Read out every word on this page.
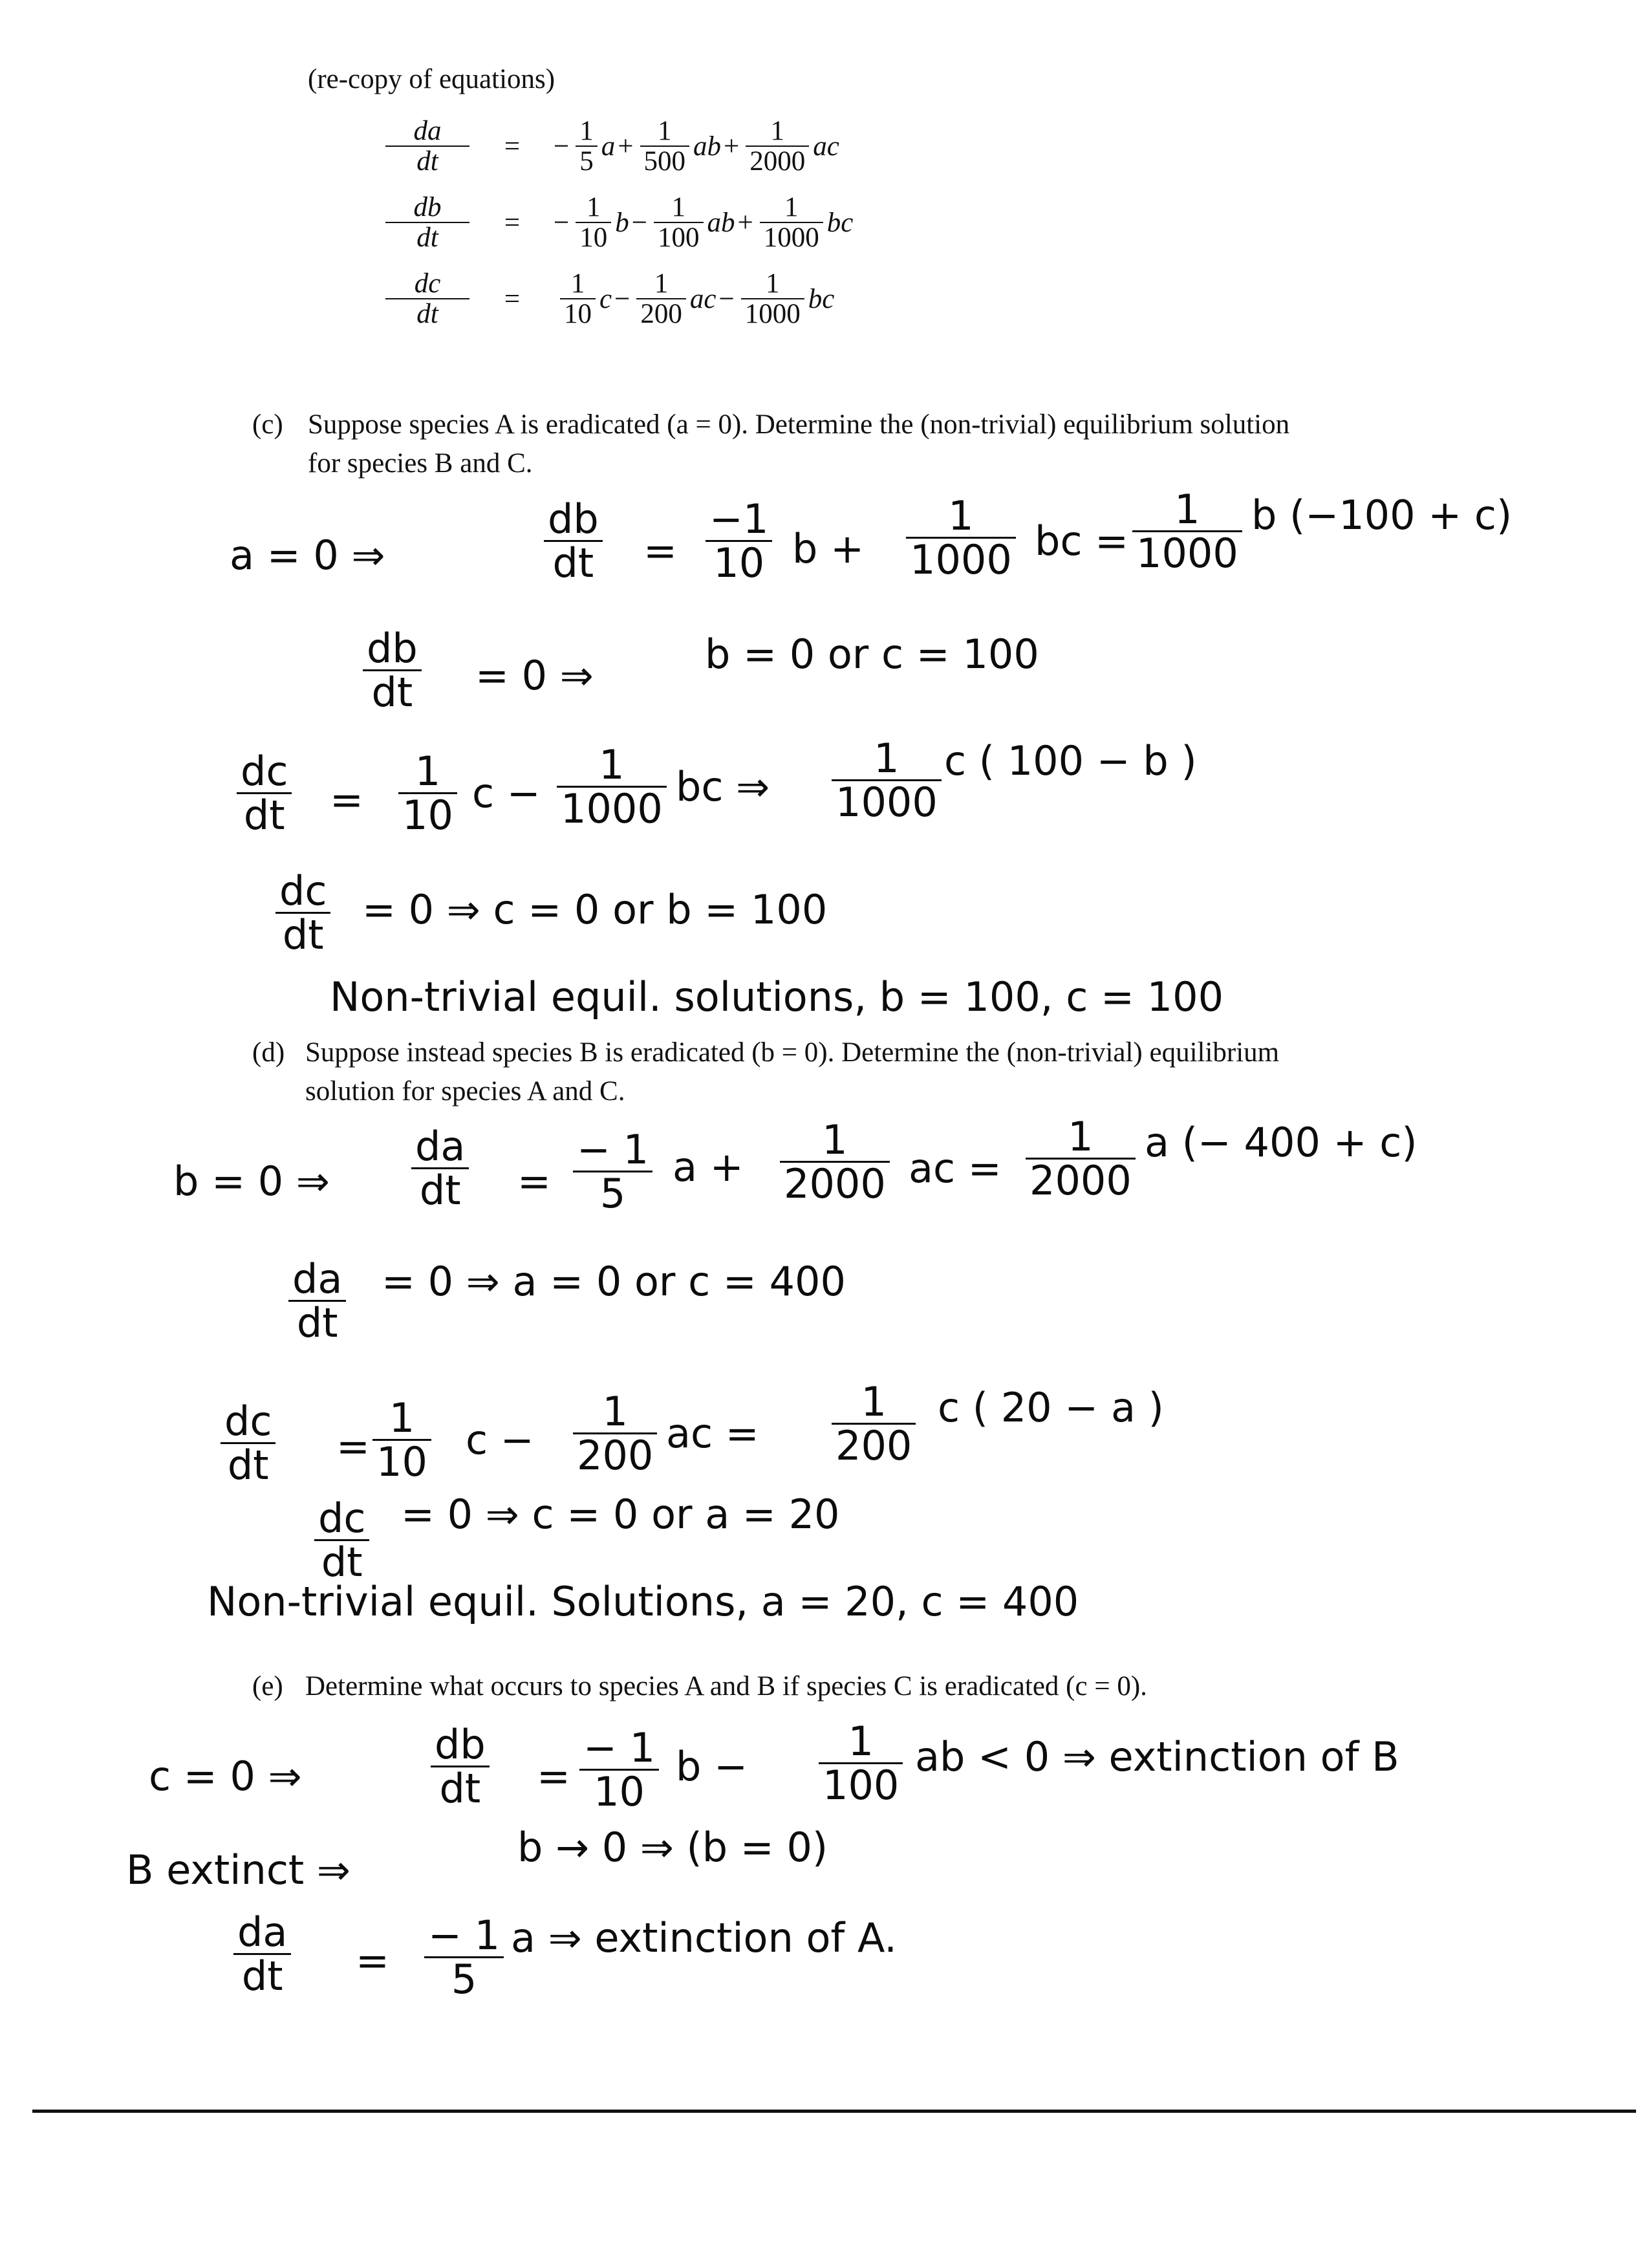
(re-copy of equations)
$\frac{da}{dt}$	=	− $\frac{1}{5}$ $a + \frac{1}{500}$ ab + $\frac{1}{2000}$ ac
$\frac{db}{dt}$	=	− $\frac{1}{10}$ $b - \frac{1}{100}$ ab + $\frac{1}{1000}$ bc
$\frac{dc}{dt}$	=	$\frac{1}{10}$ $c - \frac{1}{200}$ ac − $\frac{1}{1000}$ bc
(c) Suppose species A is eradicated (a = 0). Determine the (non-trivial) equilibrium solution
for species B and C.
a = 0 ⇒	$\frac{db}{dt} = \frac{-1}{10}$ $b + \frac{1}{1000}$ bc = $\frac{1}{1000}$ b (−100 + c)
$\frac{db}{dt} = 0$ ⇒	b = 0 or c = 100
$\frac{dc}{dt} = \frac{1}{10}$ $c - \frac{1}{1000}$ bc ⇒ $\frac{1}{1000}$ c ( 100 − b )
$\frac{dc}{dt} = 0$ ⇒ c = 0 or b = 100
Non-trivial equil. solutions, b = 100, c = 100
(d) Suppose instead species B is eradicated (b = 0). Determine the (non-trivial) equilibrium
solution for species A and C.
b = 0 ⇒ $\frac{da}{dt} = \frac{- 1}{5}$ $a + \frac{1}{2000}$ ac = $\frac{1}{2000}$ a (− 400 + c)
$\frac{da}{dt} = 0$ ⇒ a = 0 or c = 400
$\frac{dc}{dt} = \frac{1}{10}$ $c - \frac{1}{200}$ ac = $\frac{1}{200}$ c ( 20 − a )
$\frac{dc}{dt} = 0$ ⇒ c = 0 or a = 20
Non-trivial equil. Solutions, a = 20, c = 400
(e) Determine what occurs to species A and B if species C is eradicated (c = 0).
c = 0 ⇒	$\frac{db}{dt} = \frac{- 1}{10}$ $b - \frac{1}{100}$ ab < 0 ⇒ extinction of B
b → 0 ⇒ (b = 0)
B extinct ⇒
$\frac{da}{dt} = \frac{- 1}{5}$ a ⇒ extinction of A.
